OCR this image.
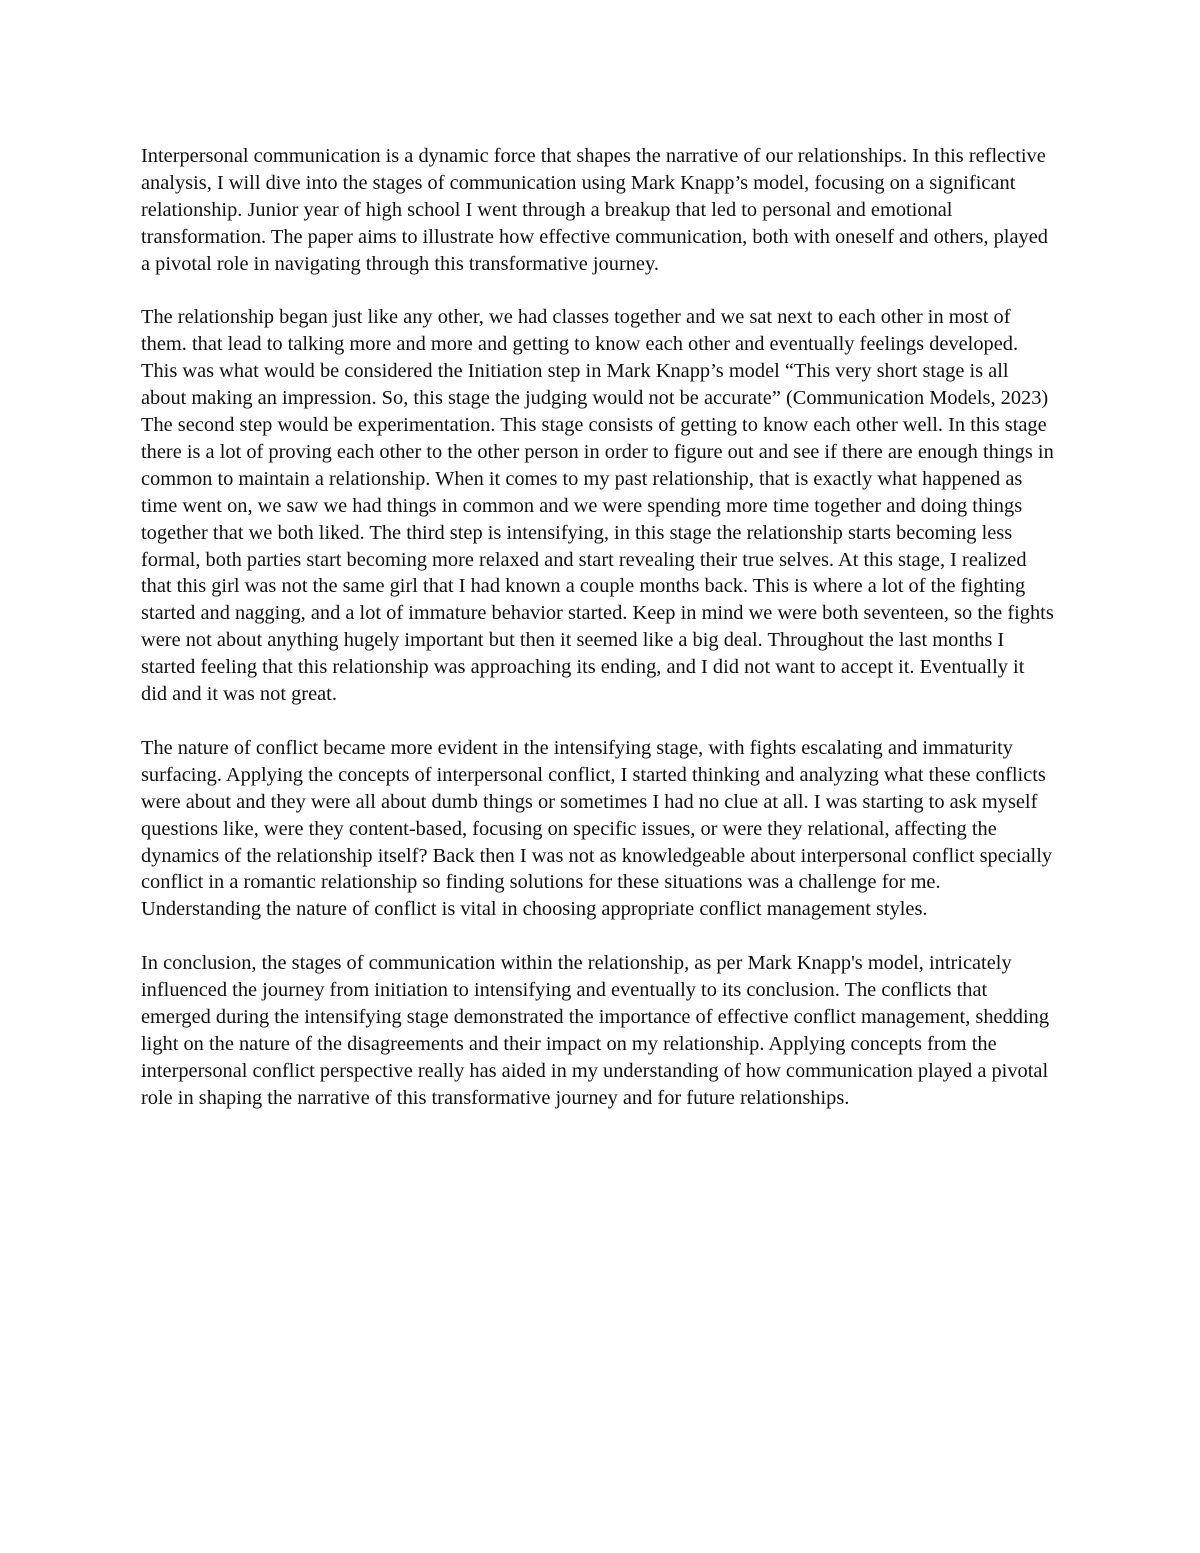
Interpersonal communication is a dynamic force that shapes the narrative of our relationships. In this reflective analysis, I will dive into the stages of communication using Mark Knapp’s model, focusing on a significant relationship. Junior year of high school I went through a breakup that led to personal and emotional transformation. The paper aims to illustrate how effective communication, both with oneself and others, played a pivotal role in navigating through this transformative journey.

The relationship began just like any other, we had classes together and we sat next to each other in most of them. that lead to talking more and more and getting to know each other and eventually feelings developed. This was what would be considered the Initiation step in Mark Knapp’s model “This very short stage is all about making an impression. So, this stage the judging would not be accurate” (Communication Models, 2023)

The second step would be experimentation. This stage consists of getting to know each other well. In this stage there is a lot of proving each other to the other person in order to figure out and see if there are enough things in common to maintain a relationship. When it comes to my past relationship, that is exactly what happened as time went on, we saw we had things in common and we were spending more time together and doing things together that we both liked. The third step is intensifying, in this stage the relationship starts becoming less formal, both parties start becoming more relaxed and start revealing their true selves. At this stage, I realized that this girl was not the same girl that I had known a couple months back. This is where a lot of the fighting started and nagging, and a lot of immature behavior started. Keep in mind we were both seventeen, so the fights were not about anything hugely important but then it seemed like a big deal. Throughout the last months I started feeling that this relationship was approaching its ending, and I did not want to accept it. Eventually it did and it was not great.

The nature of conflict became more evident in the intensifying stage, with fights escalating and immaturity surfacing. Applying the concepts of interpersonal conflict, I started thinking and analyzing what these conflicts were about and they were all about dumb things or sometimes I had no clue at all. I was starting to ask myself questions like, were they content-based, focusing on specific issues, or were they relational, affecting the dynamics of the relationship itself? Back then I was not as knowledgeable about interpersonal conflict specially conflict in a romantic relationship so finding solutions for these situations was a challenge for me. Understanding the nature of conflict is vital in choosing appropriate conflict management styles.

In conclusion, the stages of communication within the relationship, as per Mark Knapp's model, intricately influenced the journey from initiation to intensifying and eventually to its conclusion. The conflicts that emerged during the intensifying stage demonstrated the importance of effective conflict management, shedding light on the nature of the disagreements and their impact on my relationship. Applying concepts from the interpersonal conflict perspective really has aided in my understanding of how communication played a pivotal role in shaping the narrative of this transformative journey and for future relationships.
